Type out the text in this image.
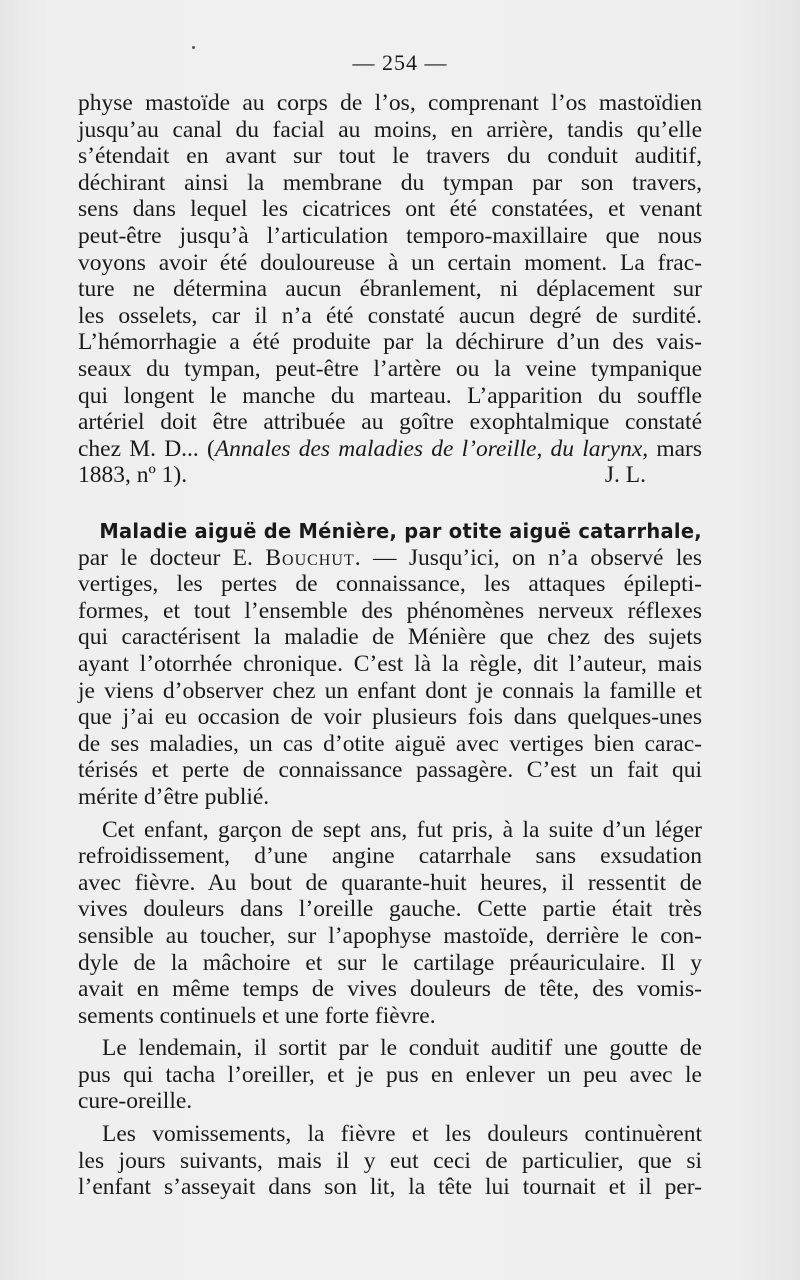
— 254 —
physe mastoïde au corps de l’os, comprenant l’os mastoïdien
jusqu’au canal du facial au moins, en arrière, tandis qu’elle
s’étendait en avant sur tout le travers du conduit auditif,
déchirant ainsi la membrane du tympan par son travers,
sens dans lequel les cicatrices ont été constatées, et venant
peut-être jusqu’à l’articulation temporo-maxillaire que nous
voyons avoir été douloureuse à un certain moment. La frac-
ture ne détermina aucun ébranlement, ni déplacement sur
les osselets, car il n’a été constaté aucun degré de surdité.
L’hémorrhagie a été produite par la déchirure d’un des vais-
seaux du tympan, peut-être l’artère ou la veine tympanique
qui longent le manche du marteau. L’apparition du souffle
artériel doit être attribuée au goître exophtalmique constaté
chez M. D... (Annales des maladies de l’oreille, du larynx, mars
1883, nº 1).	J. L.
Maladie aiguë de Ménière, par otite aiguë catarrhale,
par le docteur E. Bouchut. — Jusqu’ici, on n’a observé les
vertiges, les pertes de connaissance, les attaques épilepti-
formes, et tout l’ensemble des phénomènes nerveux réflexes
qui caractérisent la maladie de Ménière que chez des sujets
ayant l’otorrhée chronique. C’est là la règle, dit l’auteur, mais
je viens d’observer chez un enfant dont je connais la famille et
que j’ai eu occasion de voir plusieurs fois dans quelques-unes
de ses maladies, un cas d’otite aiguë avec vertiges bien carac-
térisés et perte de connaissance passagère. C’est un fait qui
mérite d’être publié.
Cet enfant, garçon de sept ans, fut pris, à la suite d’un léger
refroidissement, d’une angine catarrhale sans exsudation
avec fièvre. Au bout de quarante-huit heures, il ressentit de
vives douleurs dans l’oreille gauche. Cette partie était très
sensible au toucher, sur l’apophyse mastoïde, derrière le con-
dyle de la mâchoire et sur le cartilage préauriculaire. Il y
avait en même temps de vives douleurs de tête, des vomis-
sements continuels et une forte fièvre.
Le lendemain, il sortit par le conduit auditif une goutte de
pus qui tacha l’oreiller, et je pus en enlever un peu avec le
cure-oreille.
Les vomissements, la fièvre et les douleurs continuèrent
les jours suivants, mais il y eut ceci de particulier, que si
l’enfant s’asseyait dans son lit, la tête lui tournait et il per-
